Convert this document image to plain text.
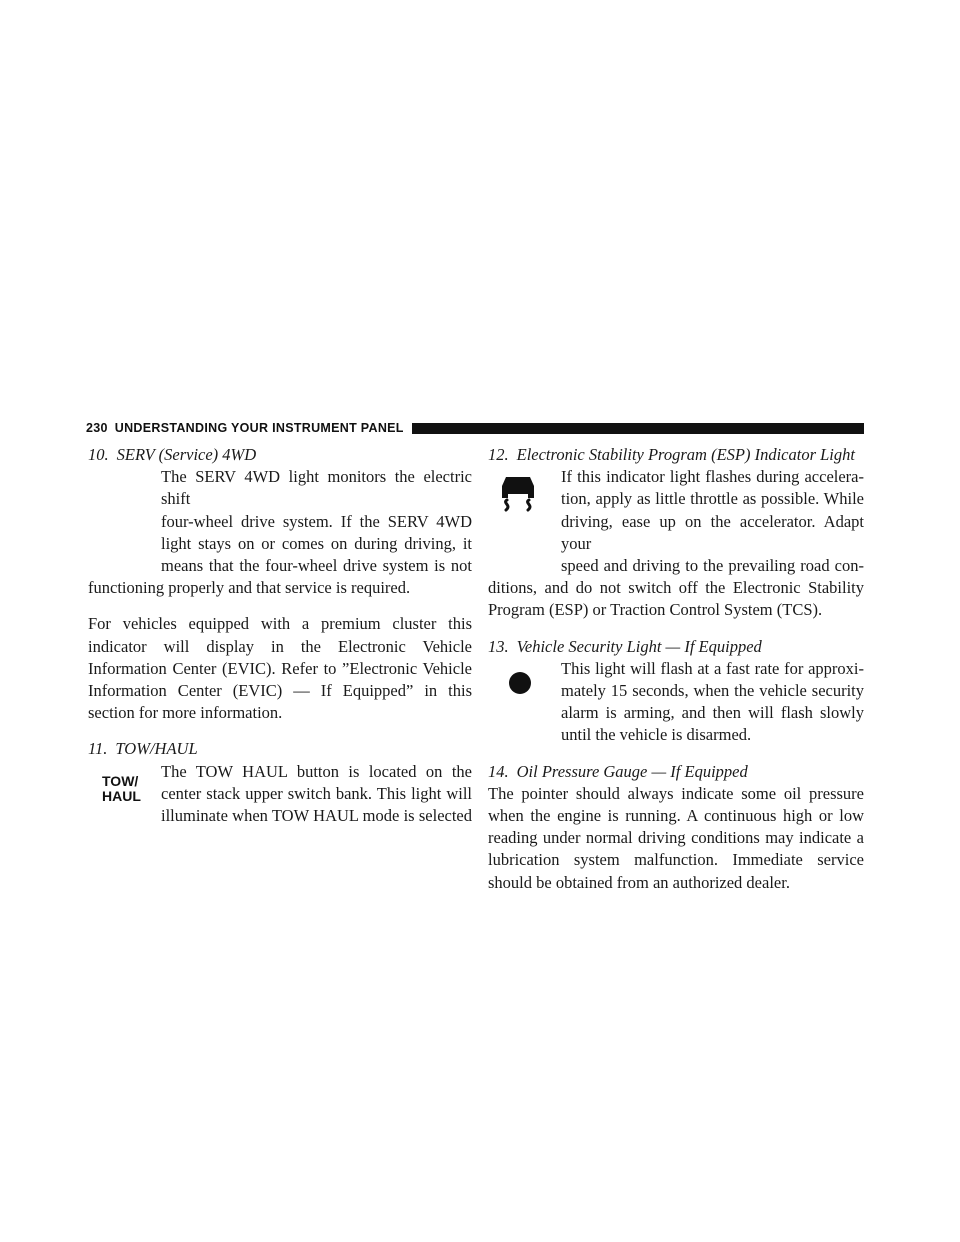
230 UNDERSTANDING YOUR INSTRUMENT PANEL
10. SERV (Service) 4WD

The SERV 4WD light monitors the electric shift

four-wheel drive system. If the SERV 4WD

light stays on or comes on during driving, it

means that the four-wheel drive system is not

functioning properly and that service is required.

For vehicles equipped with a premium cluster this indicator will display in the Electronic Vehicle Information Center (EVIC). Refer to ”Electronic Vehicle Information Center (EVIC) — If Equipped” in this section for more information.

11. TOW/HAUL
TOW/
HAUL

The TOW HAUL button is located on the

center stack upper switch bank. This light will

illuminate when TOW HAUL mode is selected

12. Electronic Stability Program (ESP) Indicator Light

If this indicator light flashes during accelera-

tion, apply as little throttle as possible. While

driving, ease up on the accelerator. Adapt your

speed and driving to the prevailing road con-

ditions, and do not switch off the Electronic Stability

Program (ESP) or Traction Control System (TCS).

13. Vehicle Security Light — If Equipped

This light will flash at a fast rate for approxi-

mately 15 seconds, when the vehicle security

alarm is arming, and then will flash slowly

until the vehicle is disarmed.

14. Oil Pressure Gauge — If Equipped

The pointer should always indicate some oil pressure

when the engine is running. A continuous high or low

reading under normal driving conditions may indicate a

lubrication system malfunction. Immediate service

should be obtained from an authorized dealer.
